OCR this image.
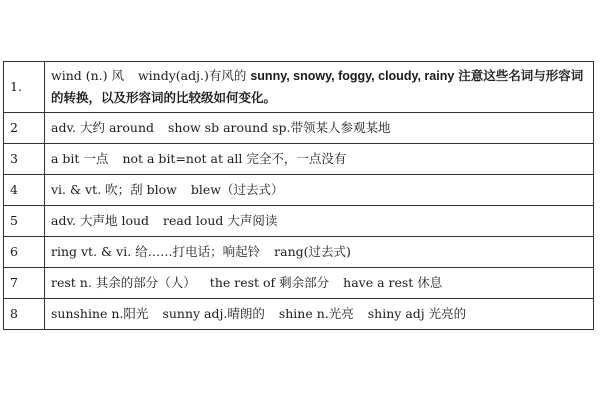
1.	wind (n.) 风 windy(adj.)有风的 sunny, snowy, foggy, cloudy, rainy 注意这些名词与形容词的转换，以及形容词的比较级如何变化。
2	adv. 大约 around show sb around sp.带领某人参观某地
3	a bit 一点 not a bit=not at all 完全不，一点没有
4	vi. & vt. 吹；刮 blow blew（过去式）
5	adv. 大声地 loud read loud 大声阅读
6	ring vt. & vi. 给……打电话；响起铃 rang(过去式)
7	rest n. 其余的部分（人） the rest of 剩余部分 have a rest 休息
8	sunshine n.阳光 sunny adj.晴朗的 shine n.光亮 shiny adj 光亮的
